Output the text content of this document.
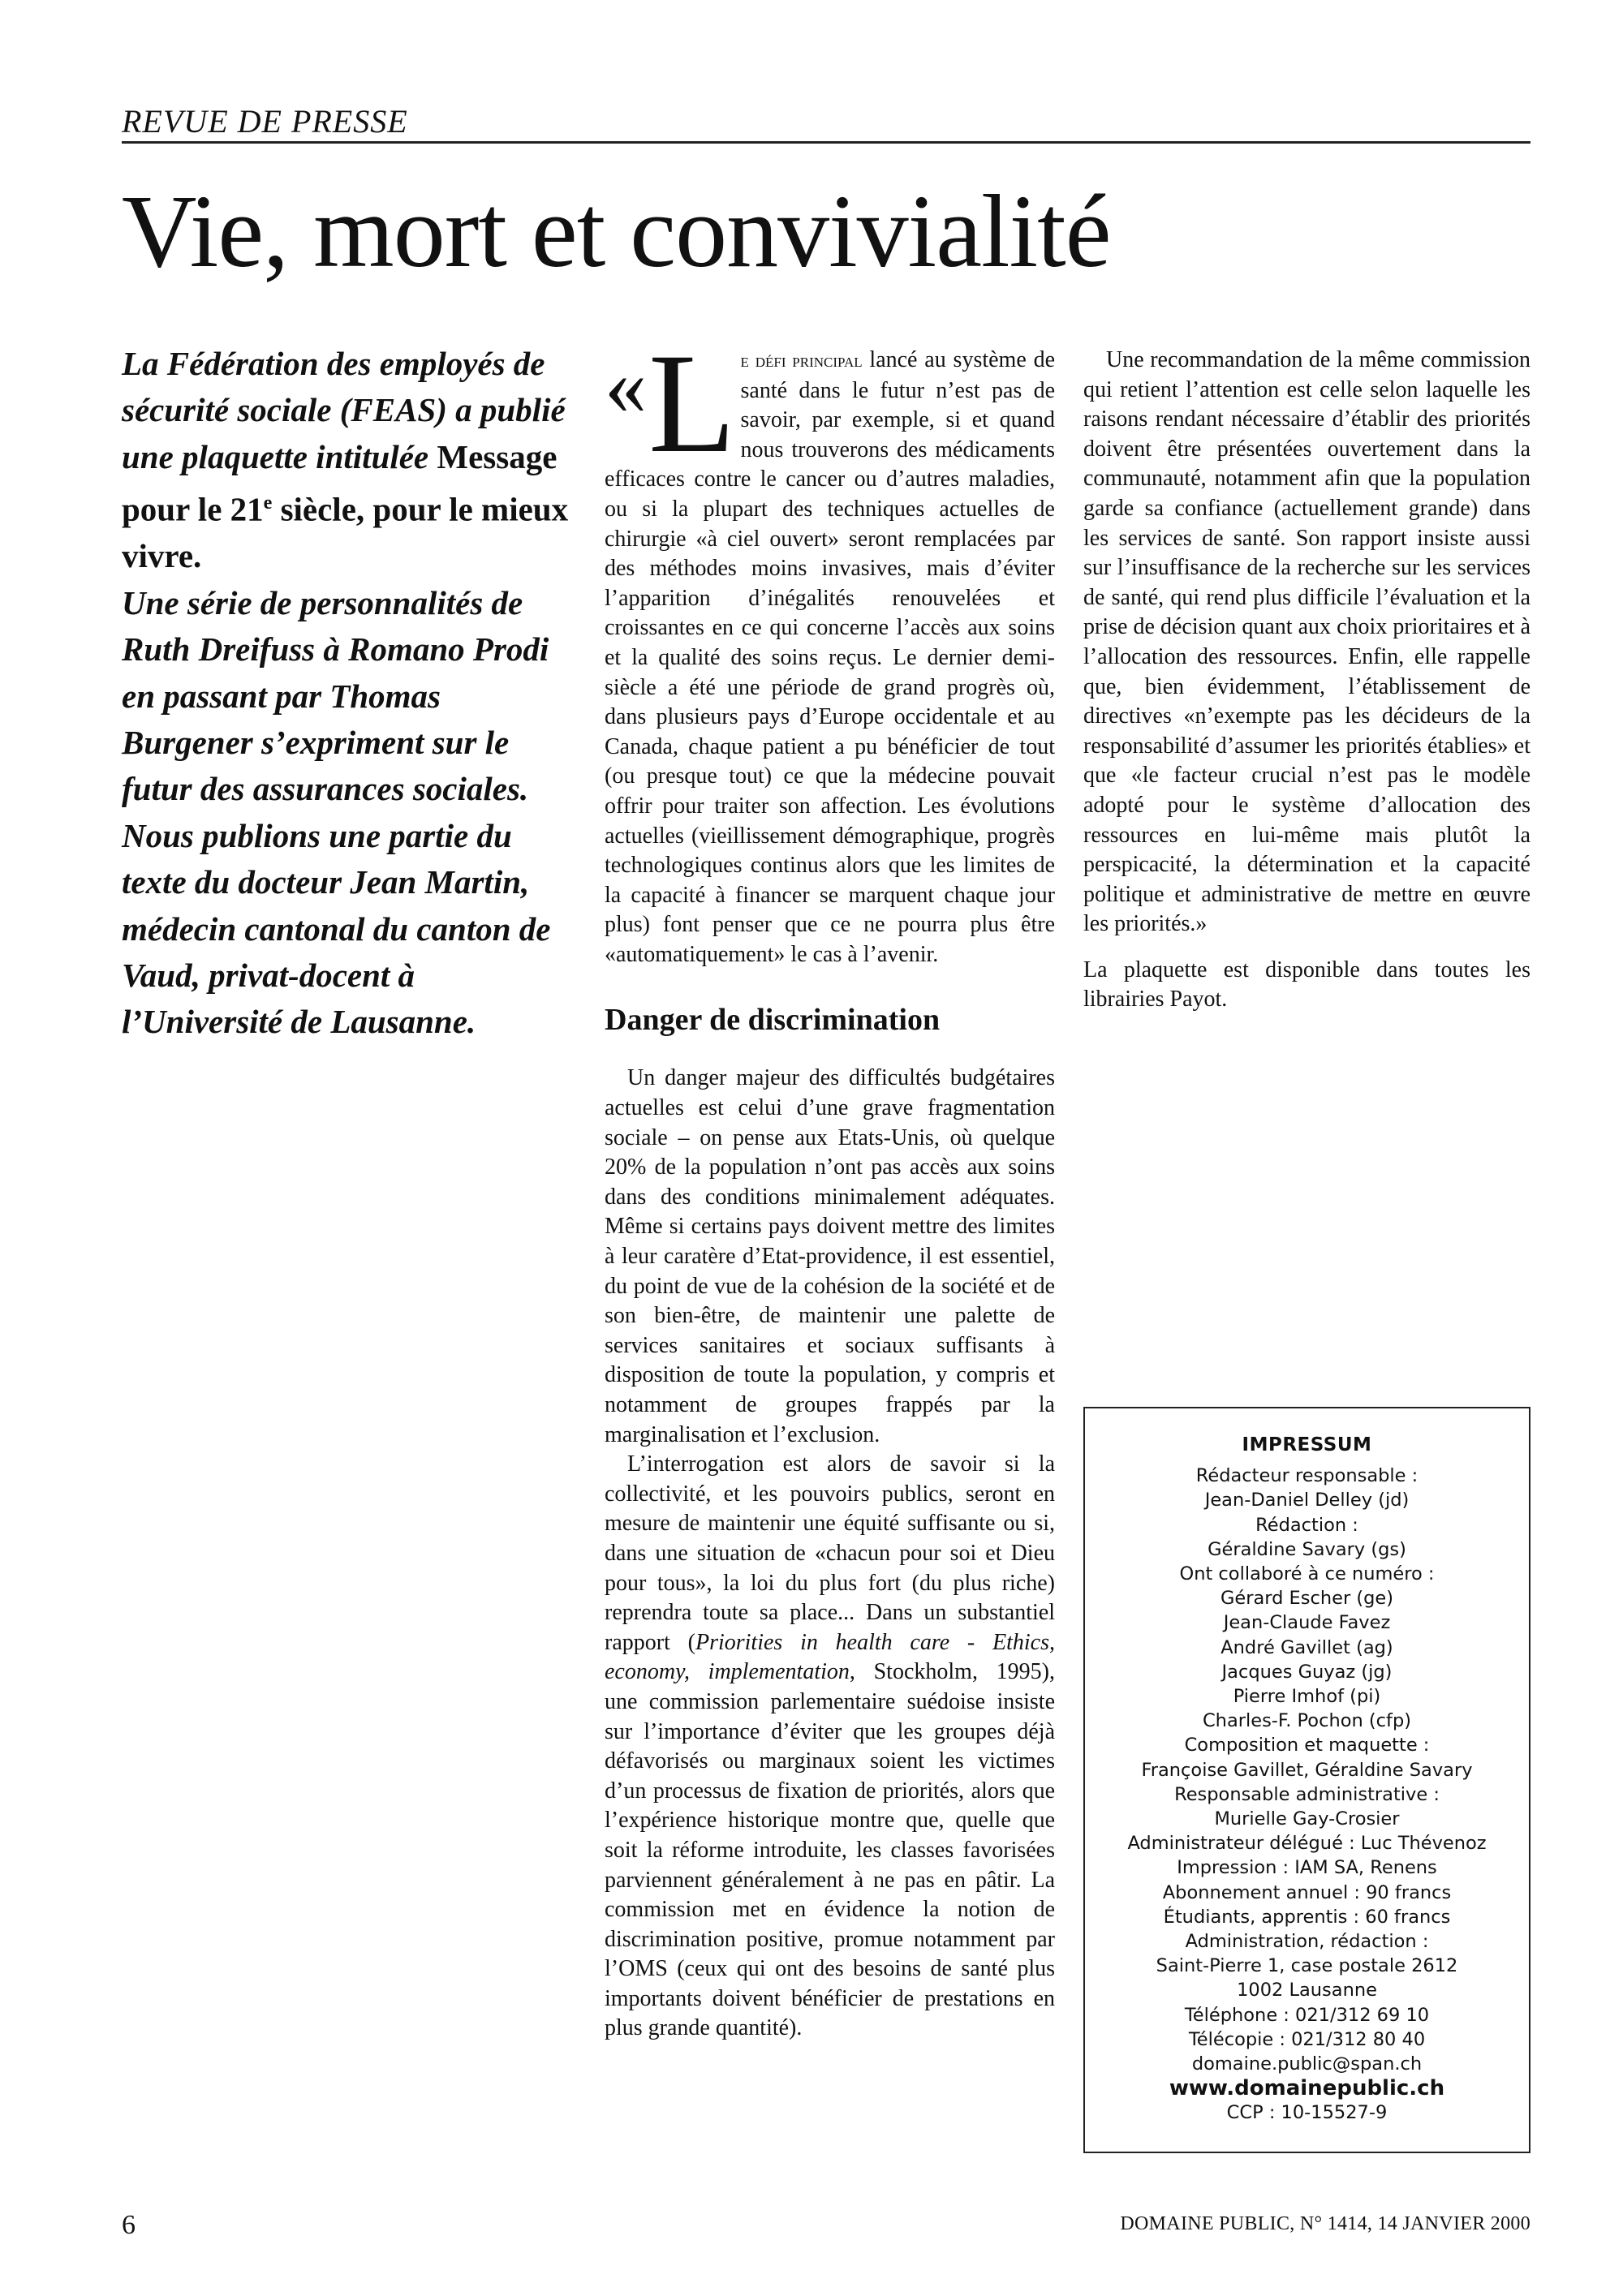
REVUE DE PRESSE
Vie, mort et convivialité

La Fédération des employés de sécurité sociale (FEAS) a publié une plaquette intitulée Message pour le 21e siècle, pour le mieux vivre.

Une série de personnalités de Ruth Dreifuss à Romano Prodi en passant par Thomas Burgener s’expriment sur le futur des assurances sociales.

Nous publions une partie du texte du docteur Jean Martin, médecin cantonal du canton de Vaud, privat-docent à l’Université de Lausanne.

« L e défi principal lancé au système de santé dans le futur n’est pas de savoir, par exemple, si et quand nous trouverons des médicaments efficaces contre le cancer ou d’autres maladies, ou si la plupart des techniques actuelles de chirurgie «à ciel ouvert» seront remplacées par des méthodes moins invasives, mais d’éviter l’apparition d’inégalités renouvelées et croissantes en ce qui concerne l’accès aux soins et la qualité des soins reçus. Le dernier demi-siècle a été une période de grand progrès où, dans plusieurs pays d’Europe occidentale et au Canada, chaque patient a pu bénéficier de tout (ou presque tout) ce que la médecine pouvait offrir pour traiter son affection. Les évolutions actuelles (vieillissement démographique, progrès technologiques continus alors que les limites de la capacité à financer se marquent chaque jour plus) font penser que ce ne pourra plus être «automatiquement» le cas à l’avenir.

Danger de discrimination

Un danger majeur des difficultés budgétaires actuelles est celui d’une grave fragmentation sociale – on pense aux Etats-Unis, où quelque 20% de la population n’ont pas accès aux soins dans des conditions minimalement adéquates. Même si certains pays doivent mettre des limites à leur caratère d’Etat-providence, il est essentiel, du point de vue de la cohésion de la société et de son bien-être, de maintenir une palette de services sanitaires et sociaux suffisants à disposition de toute la population, y compris et notamment de groupes frappés par la marginalisation et l’exclusion.

L’interrogation est alors de savoir si la collectivité, et les pouvoirs publics, seront en mesure de maintenir une équité suffisante ou si, dans une situation de «chacun pour soi et Dieu pour tous», la loi du plus fort (du plus riche) reprendra toute sa place... Dans un substantiel rapport (Priorities in health care - Ethics, economy, implementation, Stockholm, 1995), une commission parlementaire suédoise insiste sur l’importance d’éviter que les groupes déjà défavorisés ou marginaux soient les victimes d’un processus de fixation de priorités, alors que l’expérience historique montre que, quelle que soit la réforme introduite, les classes favorisées parviennent généralement à ne pas en pâtir. La commission met en évidence la notion de discrimination positive, promue notamment par l’OMS (ceux qui ont des besoins de santé plus importants doivent bénéficier de prestations en plus grande quantité).

Une recommandation de la même commission qui retient l’attention est celle selon laquelle les raisons rendant nécessaire d’établir des priorités doivent être présentées ouvertement dans la communauté, notamment afin que la population garde sa confiance (actuellement grande) dans les services de santé. Son rapport insiste aussi sur l’insuffisance de la recherche sur les services de santé, qui rend plus difficile l’évaluation et la prise de décision quant aux choix prioritaires et à l’allocation des ressources. Enfin, elle rappelle que, bien évidemment, l’établissement de directives «n’exempte pas les décideurs de la responsabilité d’assumer les priorités établies» et que «le facteur crucial n’est pas le modèle adopté pour le système d’allocation des ressources en lui-même mais plutôt la perspicacité, la détermination et la capacité politique et administrative de mettre en œuvre les priorités.»

La plaquette est disponible dans toutes les librairies Payot.

IMPRESSUM
Rédacteur responsable :
Jean-Daniel Delley (jd)
Rédaction :
Géraldine Savary (gs)
Ont collaboré à ce numéro :
Gérard Escher (ge)
Jean-Claude Favez
André Gavillet (ag)
Jacques Guyaz (jg)
Pierre Imhof (pi)
Charles-F. Pochon (cfp)
Composition et maquette :
Françoise Gavillet, Géraldine Savary
Responsable administrative :
Murielle Gay-Crosier
Administrateur délégué : Luc Thévenoz
Impression : IAM SA, Renens
Abonnement annuel : 90 francs
Étudiants, apprentis : 60 francs
Administration, rédaction :
Saint-Pierre 1, case postale 2612
1002 Lausanne
Téléphone : 021/312 69 10
Télécopie : 021/312 80 40
domaine.public@span.ch
www.domainepublic.ch
CCP : 10-15527-9
6	DOMAINE PUBLIC, N° 1414, 14 JANVIER 2000
